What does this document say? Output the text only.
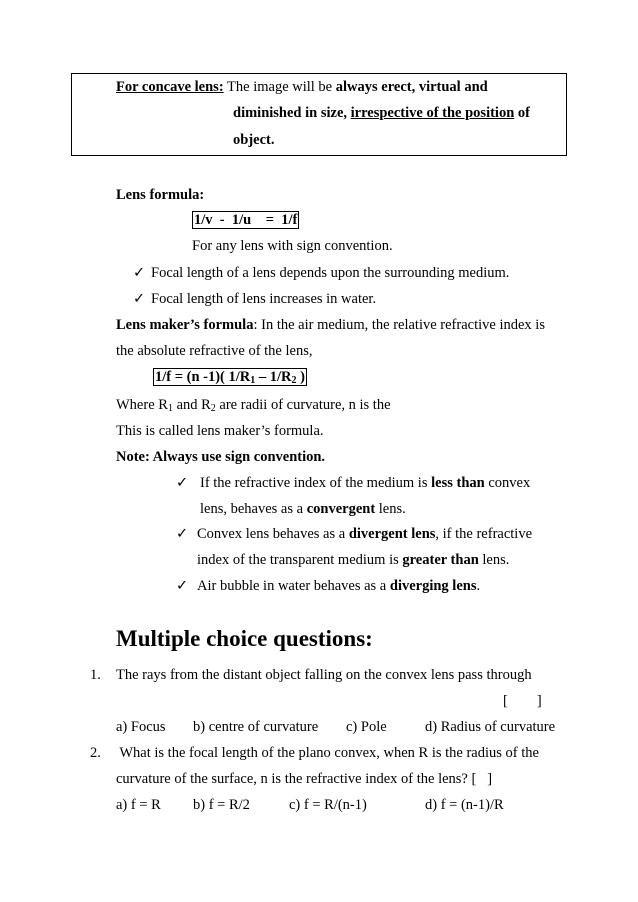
For concave lens: The image will be always erect, virtual and
diminished in size, irrespective of the position of
object.
Lens formula:
1/v  -  1/u    =  1/f
For any lens with sign convention.
✓ Focal length of a lens depends upon the surrounding medium.
✓ Focal length of lens increases in water.
Lens maker’s formula: In the air medium, the relative refractive index is
the absolute refractive of the lens,
1/f = (n -1)( $1/R_1 - 1/R_2$ )
Where $R_1$ and $R_2$ are radii of curvature, n is the
This is called lens maker’s formula.
Note: Always use sign convention.
✓ If the refractive index of the medium is less than convex
lens, behaves as a convergent lens.
✓ Convex lens behaves as a divergent lens, if the refractive
index of the transparent medium is greater than lens.
✓ Air bubble in water behaves as a diverging lens.
Multiple choice questions:
1. The rays from the distant object falling on the convex lens pass through
[        ]
a) Focus b) centre of curvature c) Pole	d) Radius of curvature
2. What is the focal length of the plano convex, when R is the radius of the
curvature of the surface, n is the refractive index of the lens? [   ]
a) f = R b) f = R/2	c) f = R/(n-1)	d) f = (n-1)/R
